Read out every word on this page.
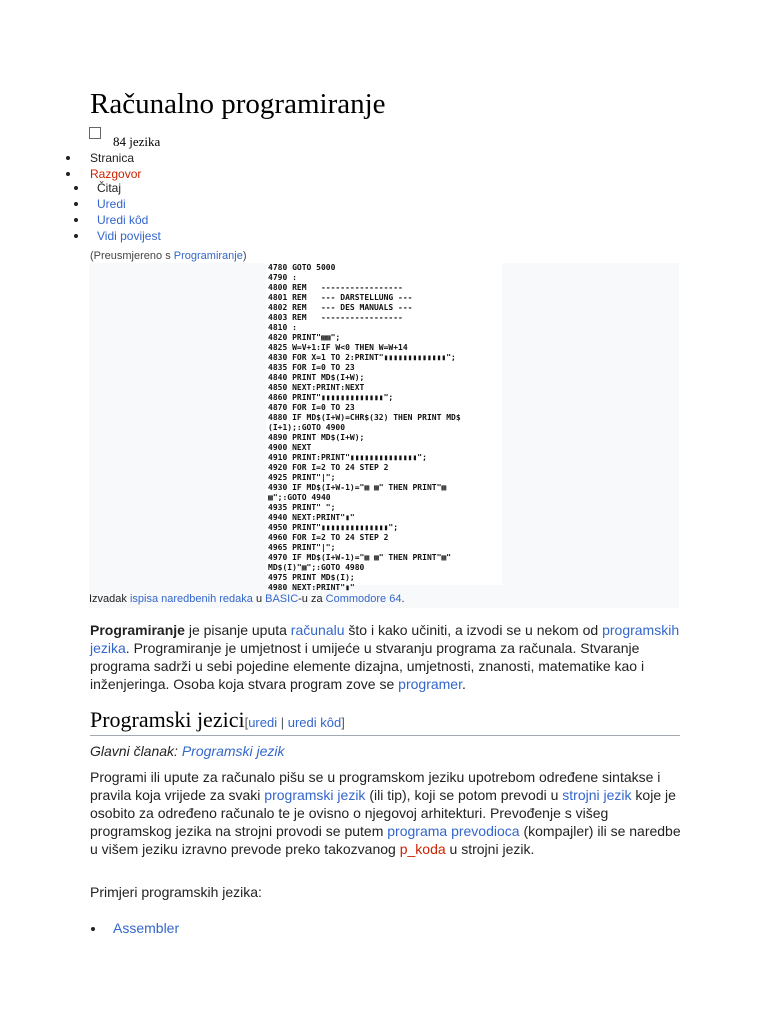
Računalno programiranje
84 jezika
Stranica
Razgovor
Čitaj
Uredi
Uredi kôd
Vidi povijest
(Preusmjereno s Programiranje)
4780 GOTO 5000
4790 :
4800 REM   -----------------
4801 REM   --- DARSTELLUNG ---
4802 REM   --- DES MANUALS ---
4803 REM   -----------------
4810 :
4820 PRINT"▩▩";
4825 W=V+1:IF W<0 THEN W=W+14
4830 FOR X=1 TO 2:PRINT"▮▮▮▮▮▮▮▮▮▮▮▮▮";
4835 FOR I=0 TO 23
4840 PRINT MD$(I+W);
4850 NEXT:PRINT:NEXT
4860 PRINT"▮▮▮▮▮▮▮▮▮▮▮▮▮";
4870 FOR I=0 TO 23
4880 IF MD$(I+W)=CHR$(32) THEN PRINT MD$
(I+1);:GOTO 4900
4890 PRINT MD$(I+W);
4900 NEXT
4910 PRINT:PRINT"▮▮▮▮▮▮▮▮▮▮▮▮▮▮";
4920 FOR I=2 TO 24 STEP 2
4925 PRINT"|";
4930 IF MD$(I+W-1)="▩ ▩" THEN PRINT"▩
▩";:GOTO 4940
4935 PRINT" ";
4940 NEXT:PRINT"▮"
4950 PRINT"▮▮▮▮▮▮▮▮▮▮▮▮▮▮";
4960 FOR I=2 TO 24 STEP 2
4965 PRINT"|";
4970 IF MD$(I+W-1)="▩ ▩" THEN PRINT"▩"
MD$(I)"▩";:GOTO 4980
4975 PRINT MD$(I);
4980 NEXT:PRINT"▮"

Izvadak ispisa naredbenih redaka u BASIC-u za Commodore 64.

Programiranje je pisanje uputa računalu što i kako učiniti, a izvodi se u nekom od programskih jezika. Programiranje je umjetnost i umijeće u stvaranju programa za računala. Stvaranje programa sadrži u sebi pojedine elemente dizajna, umjetnosti, znanosti, matematike kao i inženjeringa. Osoba koja stvara program zove se programer.

Programski jezici[uredi | uredi kôd]
Glavni članak: Programski jezik

Programi ili upute za računalo pišu se u programskom jeziku upotrebom određene sintakse i pravila koja vrijede za svaki programski jezik (ili tip), koji se potom prevodi u strojni jezik koje je osobito za određeno računalo te je ovisno o njegovoj arhitekturi. Prevođenje s višeg programskog jezika na strojni provodi se putem programa prevodioca (kompajler) ili se naredbe u višem jeziku izravno prevode preko takozvanog p_koda u strojni jezik.

Primjeri programskih jezika:

Assembler
